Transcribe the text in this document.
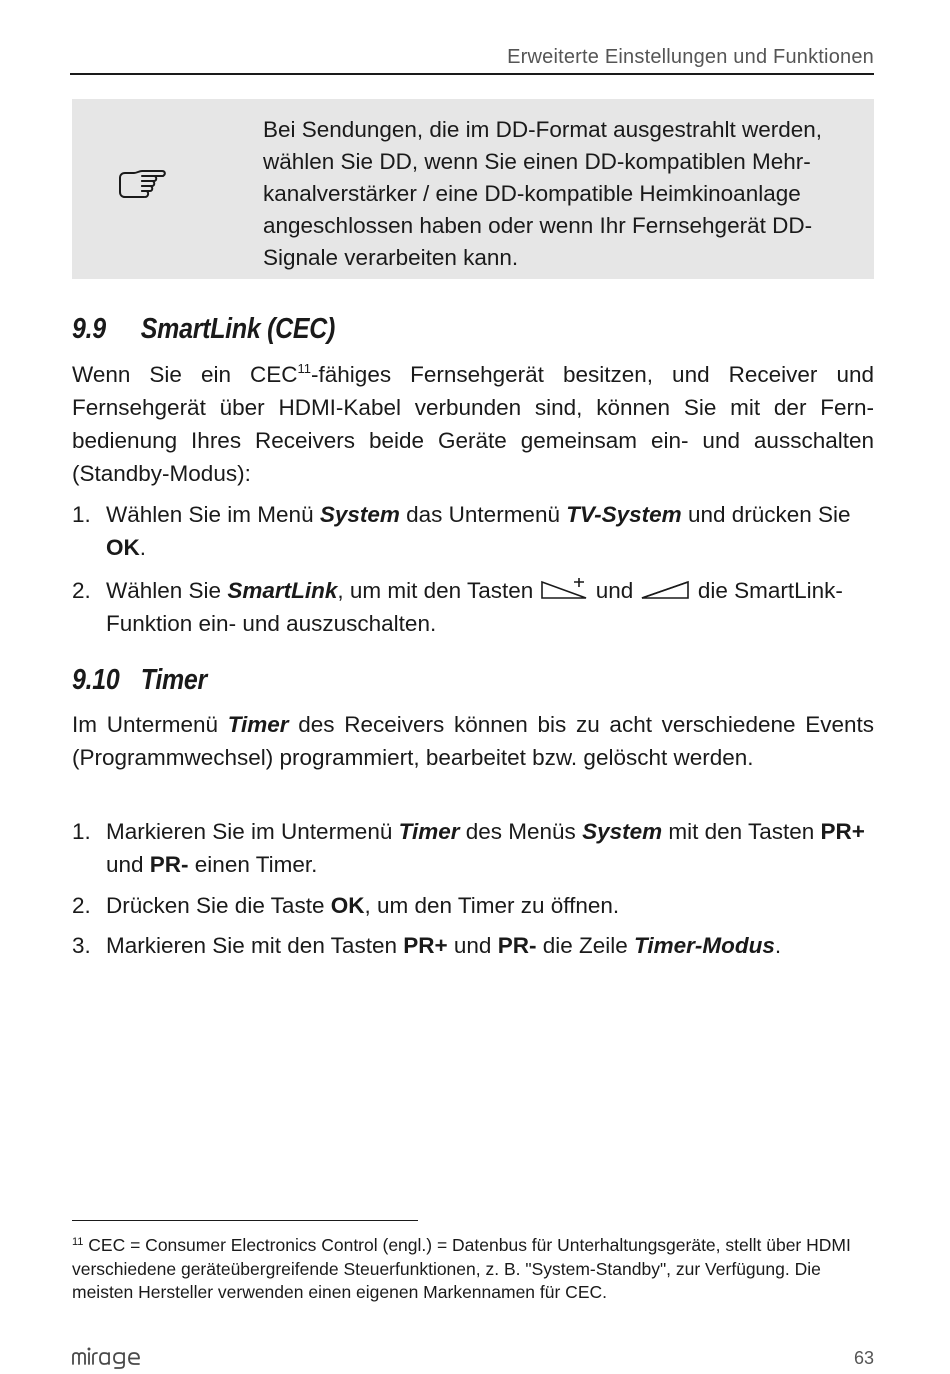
Erweiterte Einstellungen und Funktionen
Bei Sendungen, die im DD-Format ausgestrahlt werden,
wählen Sie DD, wenn Sie einen DD-kompatiblen Mehr-
kanalverstärker / eine DD-kompatible Heimkinoanlage
angeschlossen haben oder wenn Ihr Fernsehgerät DD-
Signale verarbeiten kann.
9.9 SmartLink (CEC)
Wenn Sie ein CEC$^{11}$-fähiges Fernsehgerät besitzen, und Receiver und Fernsehgerät über HDMI-Kabel verbunden sind, können Sie mit der Fernbedienung Ihres Receivers beide Geräte gemeinsam ein- und ausschalten (Standby-Modus):
1. Wählen Sie im Menü System das Untermenü TV-System und drücken Sie OK.
2. Wählen Sie SmartLink, um mit den Tasten  und  die SmartLink-Funktion ein- und auszuschalten.
9.10 Timer
Im Untermenü Timer des Receivers können bis zu acht verschiedene Events (Programmwechsel) programmiert, bearbeitet bzw. gelöscht werden.
1. Markieren Sie im Untermenü Timer des Menüs System mit den Tasten PR+ und PR- einen Timer.
2. Drücken Sie die Taste OK, um den Timer zu öffnen.
3. Markieren Sie mit den Tasten PR+ und PR- die Zeile Timer-Modus.
$^{11}$ CEC = Consumer Electronics Control (engl.) = Datenbus für Unterhaltungsgeräte, stellt über HDMI verschiedene geräteübergreifende Steuerfunktionen, z. B. "System-Standby", zur Verfügung. Die meisten Hersteller verwenden einen eigenen Markennamen für CEC.
63
